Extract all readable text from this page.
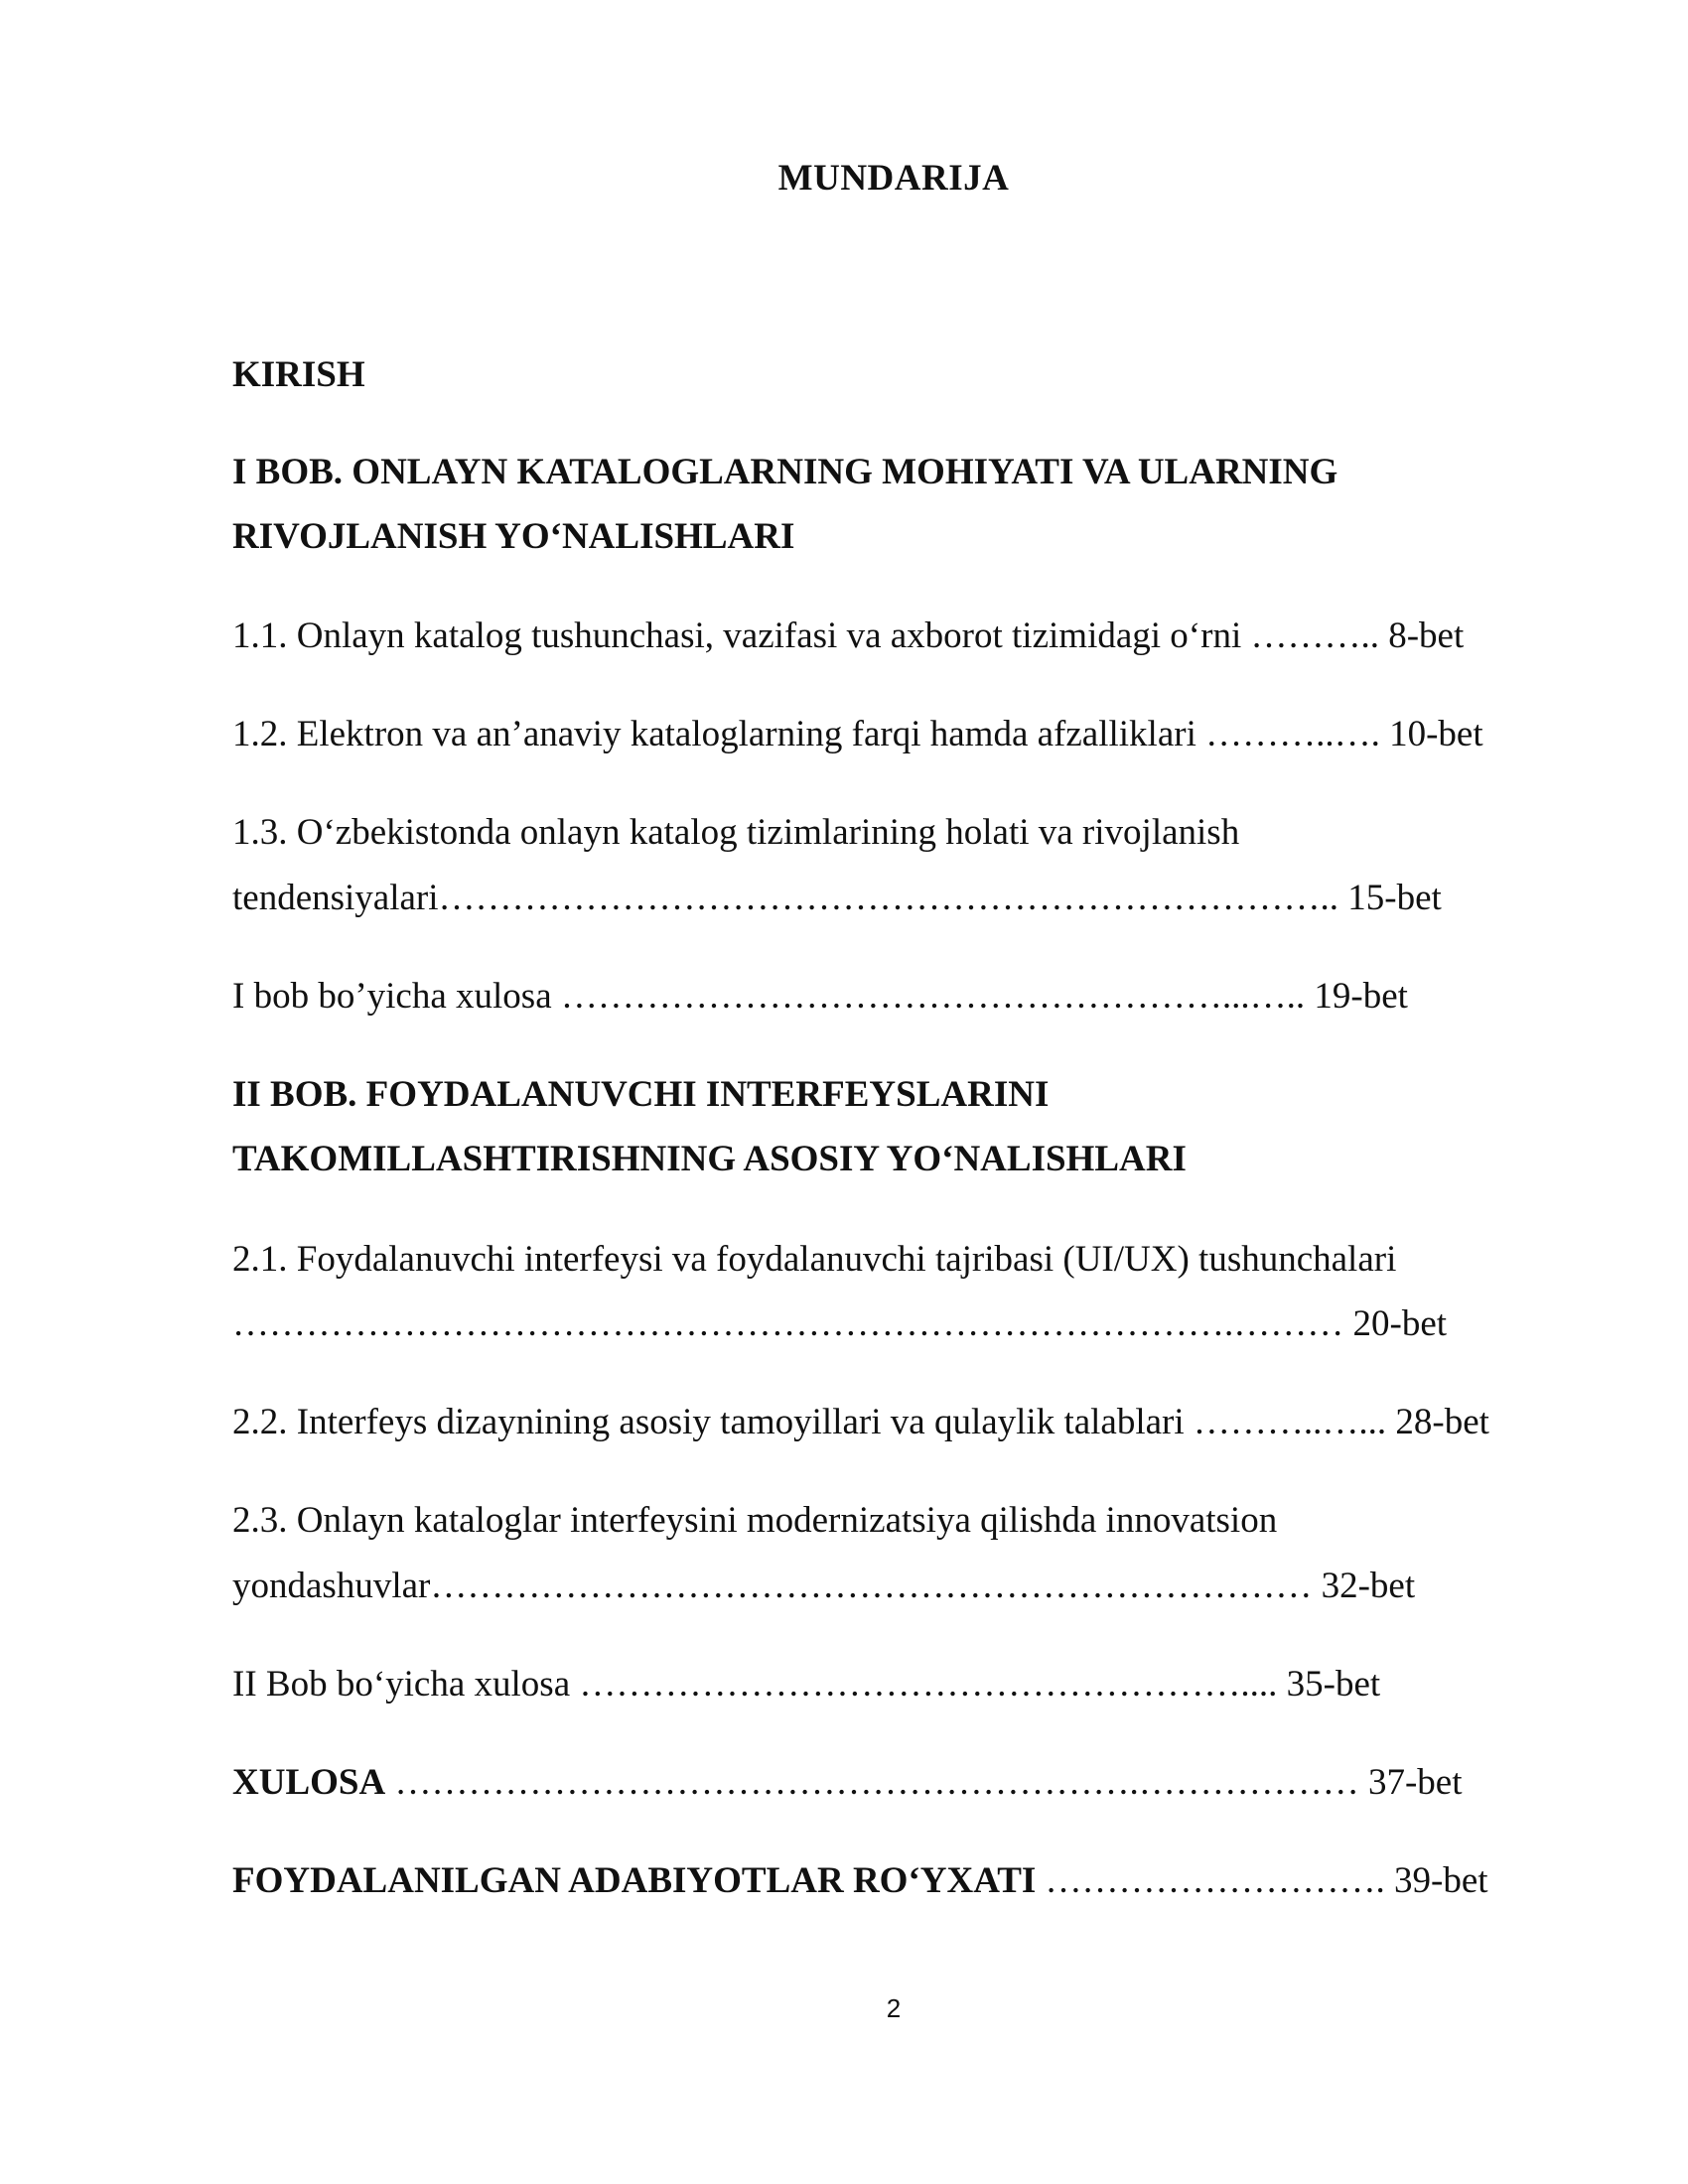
MUNDARIJA
KIRISH
I BOB. ONLAYN KATALOGLARNING MOHIYATI VA ULARNING
RIVOJLANISH YO‘NALISHLARI
1.1. Onlayn katalog tushunchasi, vazifasi va axborot tizimidagi o‘rni ……….. 8-bet
1.2. Elektron va an’anaviy kataloglarning farqi hamda afzalliklari ………..…. 10-bet
1.3. O‘zbekistonda onlayn katalog tizimlarining holati va rivojlanish
tendensiyalari……………………………………………………………….. 15-bet
I bob bo’yicha xulosa ………………………………………………...….. 19-bet
II BOB. FOYDALANUVCHI INTERFEYSLARINI
TAKOMILLASHTIRISHNING ASOSIY YO‘NALISHLARI
2.1. Foydalanuvchi interfeysi va foydalanuvchi tajribasi (UI/UX) tushunchalari
……………………………………………………………………….……… 20-bet
2.2. Interfeys dizaynining asosiy tamoyillari va qulaylik talablari ………..…... 28-bet
2.3. Onlayn kataloglar interfeysini modernizatsiya qilishda innovatsion
yondashuvlar……………………………………………………………… 32-bet
II Bob bo‘yicha xulosa ……………………………………………….... 35-bet
XULOSA …………………………………………………….……………… 37-bet
FOYDALANILGAN ADABIYOTLAR RO‘YXATI ………………………. 39-bet
2
